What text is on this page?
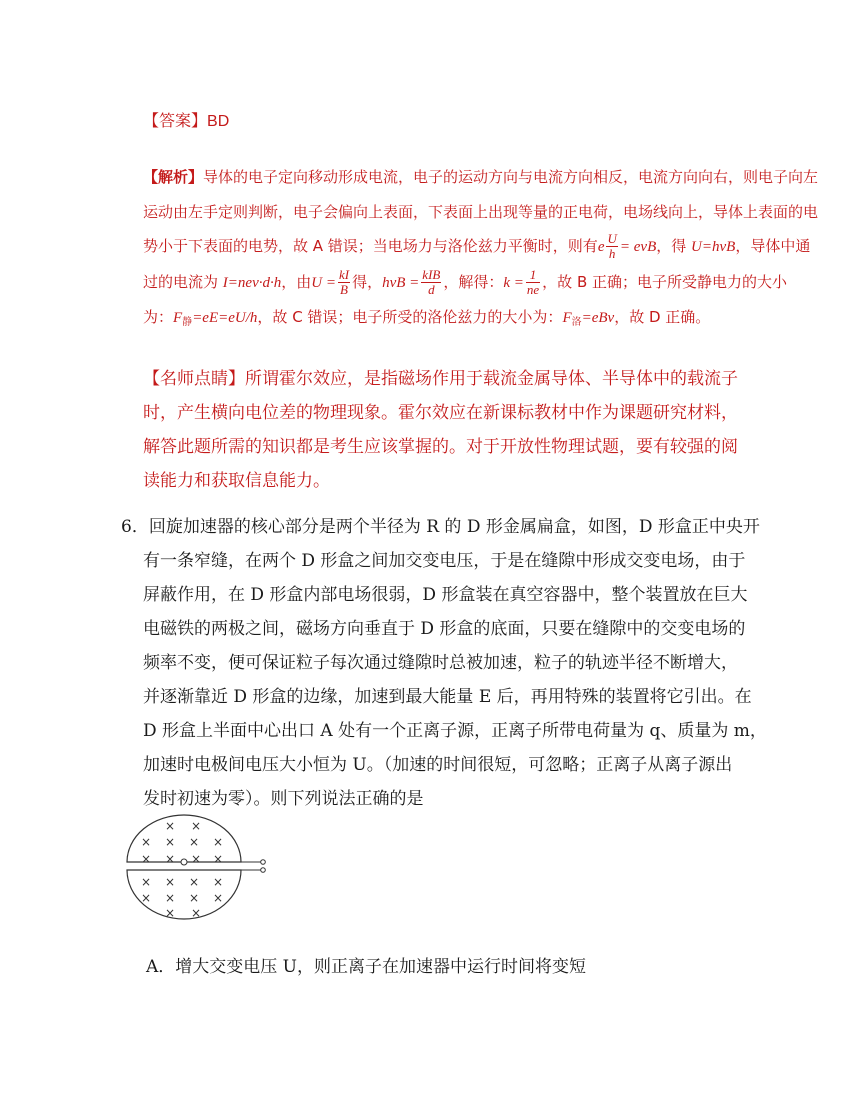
【答案】BD
【解析】导体的电子定向移动形成电流，电子的运动方向与电流方向相反，电流方向向右，则电子向左
运动由左手定则判断，电子会偏向上表面，下表面上出现等量的正电荷，电场线向上，导体上表面的电
势小于下表面的电势，故 A 错误；当电场力与洛伦兹力平衡时，则有e $\frac{U}{h}$ = evB，得 U=hvB，导体中通
过的电流为 I=nev·d·h，由$U = \frac{kI}{B}$ 得，hvB = $\frac{\text{kIB}}{d}$ ，解得：$k = \frac{1}{ne}$ ，故 B 正确；电子所受静电力的大小
为：$F_静=eE=eU/h$，故 C 错误；电子所受的洛伦兹力的大小为：$F_洛=eBv$，故 D 正确。
【名师点睛】所谓霍尔效应，是指磁场作用于载流金属导体、半导体中的载流子
时，产生横向电位差的物理现象。霍尔效应在新课标教材中作为课题研究材料，
解答此题所需的知识都是考生应该掌握的。对于开放性物理试题，要有较强的阅
读能力和获取信息能力。
6．回旋加速器的核心部分是两个半径为 R 的 D 形金属扁盒，如图，D 形盒正中央开
有一条窄缝，在两个 D 形盒之间加交变电压，于是在缝隙中形成交变电场，由于
屏蔽作用，在 D 形盒内部电场很弱，D 形盒装在真空容器中，整个装置放在巨大
电磁铁的两极之间，磁场方向垂直于 D 形盒的底面，只要在缝隙中的交变电场的
频率不变，便可保证粒子每次通过缝隙时总被加速，粒子的轨迹半径不断增大，
并逐渐靠近 D 形盒的边缘，加速到最大能量 E 后，再用特殊的装置将它引出。在
D 形盒上半面中心出口 A 处有一个正离子源，正离子所带电荷量为 q、质量为 m，
加速时电极间电压大小恒为 U。（加速的时间很短，可忽略；正离子从离子源出
发时初速为零）。则下列说法正确的是
× ×
× × × ×
× × × ×
× × × ×
× × × ×
× ×
A．增大交变电压 U，则正离子在加速器中运行时间将变短
